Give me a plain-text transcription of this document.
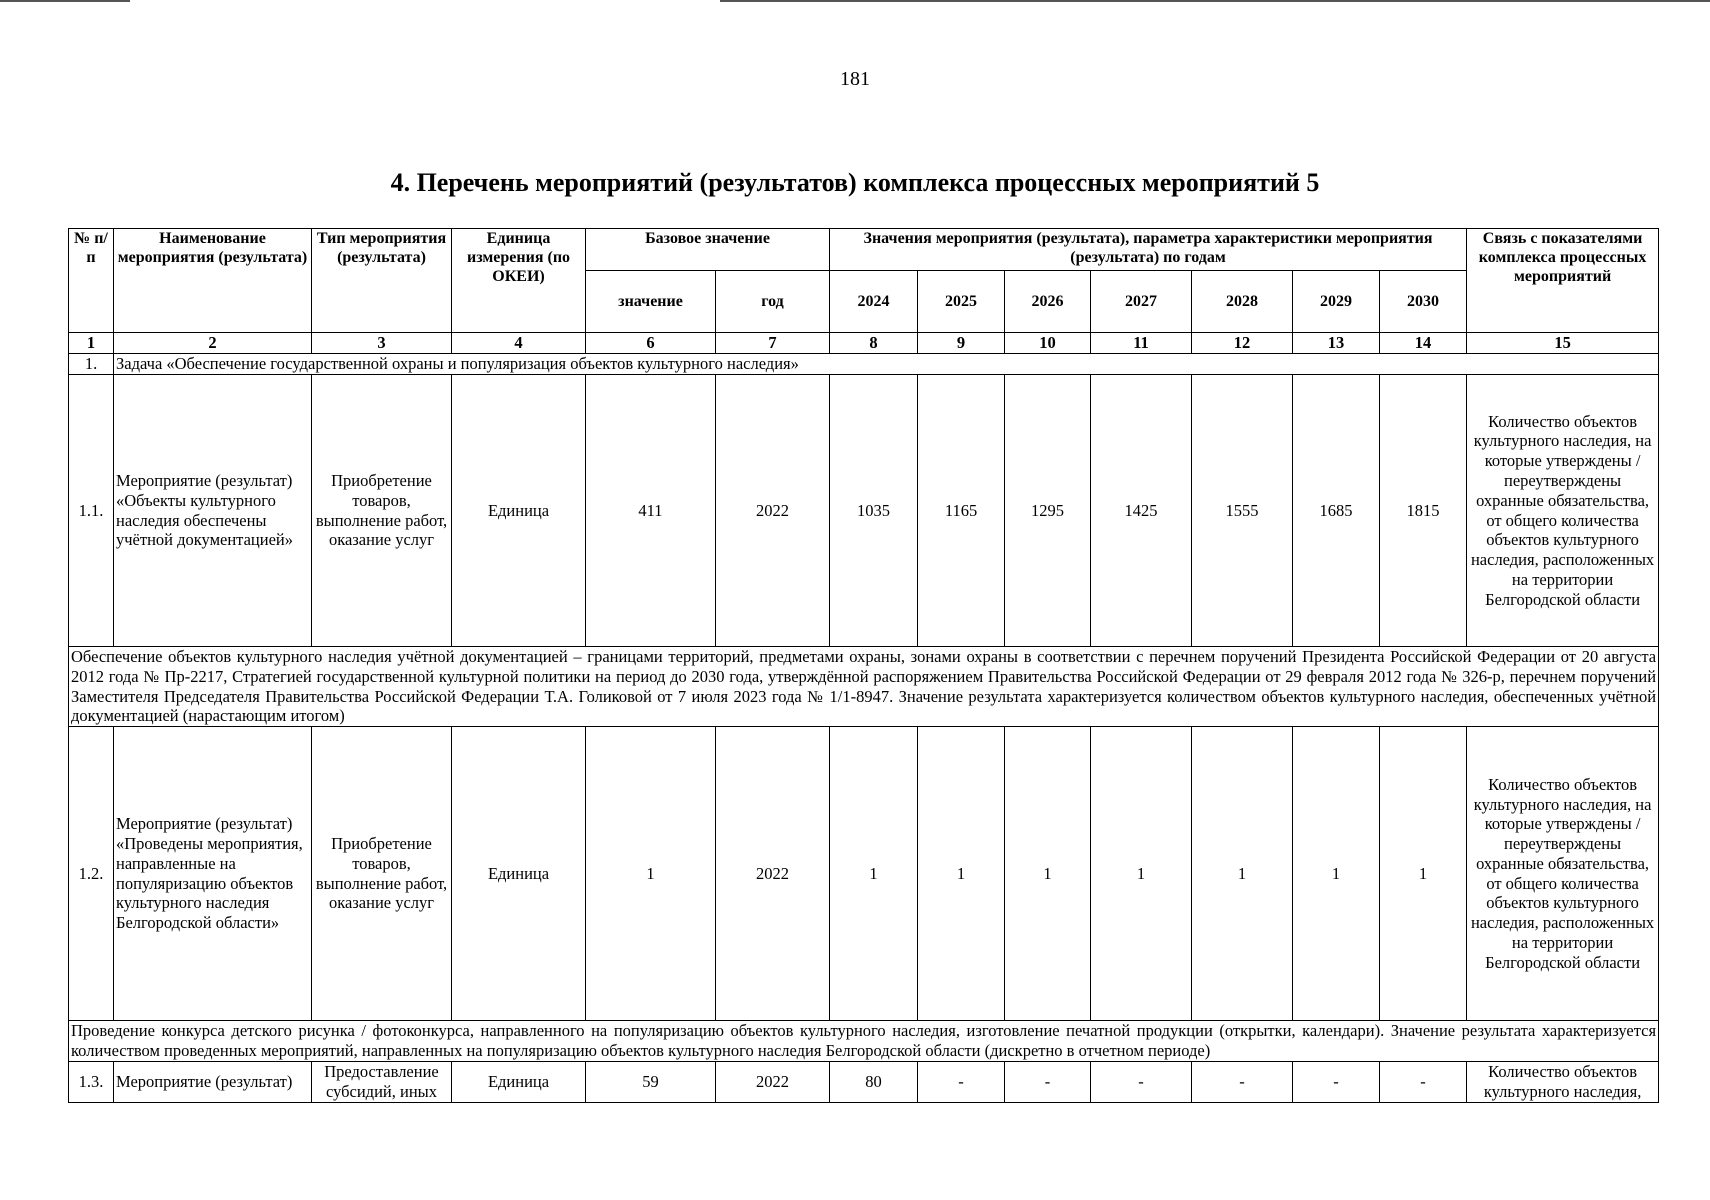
181
4. Перечень мероприятий (результатов) комплекса процессных мероприятий 5
№ п/п	Наименование мероприятия (результата)	Тип мероприятия (результата)	Единица измерения (по ОКЕИ)	Базовое значение		Значения мероприятия (результата), параметра характеристики мероприятия (результата) по годам							Связь с показателями комплекса процессных мероприятий
				значение	год	2024	2025	2026	2027	2028	2029	2030	
1	2	3	4	6	7	8	9	10	11	12	13	14	15
1.	Задача «Обеспечение государственной охраны и популяризация объектов культурного наследия»												
1.1.	Мероприятие (результат) «Объекты культурного наследия обеспечены учётной документацией»	Приобретение товаров, выполнение работ, оказание услуг	Единица	411	2022	1035	1165	1295	1425	1555	1685	1815	Количество объектов культурного наследия, на которые утверждены / переутверждены охранные обязательства, от общего количества объектов культурного наследия, расположенных на территории Белгородской области
Обеспечение объектов культурного наследия учётной документацией – границами территорий, предметами охраны, зонами охраны в соответствии с перечнем поручений Президента Российской Федерации от 20 августа 2012 года № Пр-2217, Стратегией государственной культурной политики на период до 2030 года, утверждённой распоряжением Правительства Российской Федерации от 29 февраля 2012 года № 326-р, перечнем поручений Заместителя Председателя Правительства Российской Федерации Т.А. Голиковой от 7 июля 2023 года № 1/1-8947. Значение результата характеризуется количеством объектов культурного наследия, обеспеченных учётной документацией (нарастающим итогом)													
1.2.	Мероприятие (результат) «Проведены мероприятия, направленные на популяризацию объектов культурного наследия Белгородской области»	Приобретение товаров, выполнение работ, оказание услуг	Единица	1	2022	1	1	1	1	1	1	1	Количество объектов культурного наследия, на которые утверждены / переутверждены охранные обязательства, от общего количества объектов культурного наследия, расположенных на территории Белгородской области
Проведение конкурса детского рисунка / фотоконкурса, направленного на популяризацию объектов культурного наследия, изготовление печатной продукции (открытки, календари). Значение результата характеризуется количеством проведенных мероприятий, направленных на популяризацию объектов культурного наследия Белгородской области (дискретно в отчетном периоде)													
1.3.	Мероприятие (результат)	Предоставление субсидий, иных	Единица	59	2022	80	-	-	-	-	-	-	Количество объектов культурного наследия,
